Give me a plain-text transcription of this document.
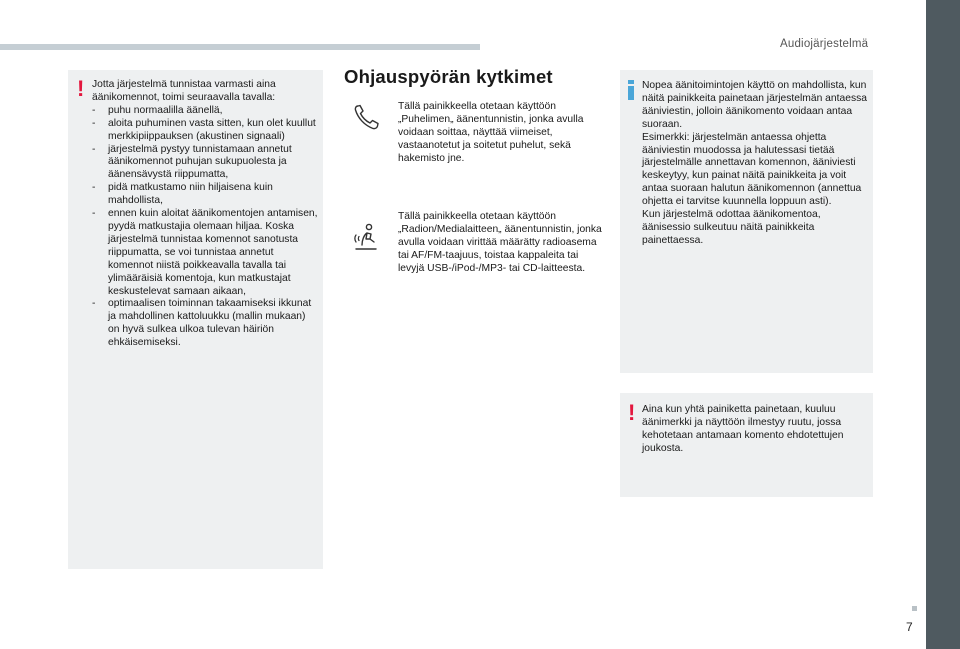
Audiojärjestelmä
! Jotta järjestelmä tunnistaa varmasti aina äänikomennot, toimi seuraavalla tavalla:

- puhu normaalilla äänellä,
- aloita puhuminen vasta sitten, kun olet kuullut merkkipiippauksen (akustinen signaali)
- järjestelmä pystyy tunnistamaan annetut äänikomennot puhujan sukupuolesta ja äänensävystä riippumatta,
- pidä matkustamo niin hiljaisena kuin mahdollista,
- ennen kuin aloitat äänikomentojen antamisen, pyydä matkustajia olemaan hiljaa. Koska järjestelmä tunnistaa komennot sanotusta riippumatta, se voi tunnistaa annetut komennot niistä poikkeavalla tavalla tai ylimääräisiä komentoja, kun matkustajat keskustelevat samaan aikaan,
- optimaalisen toiminnan takaamiseksi ikkunat ja mahdollinen kattoluukku (mallin mukaan) on hyvä sulkea ulkoa tulevan häiriön ehkäisemiseksi.
Ohjauspyörän kytkimet

Tällä painikkeella otetaan käyttöön „Puhelimen„ äänentunnistin, jonka avulla voidaan soittaa, näyttää viimeiset, vastaanotetut ja soitetut puhelut, sekä hakemisto jne.

Tällä painikkeella otetaan käyttöön „Radion/Medialaitteen„ äänentunnistin, jonka avulla voidaan virittää määrätty radioasema tai AF/FM-taajuus, toistaa kappaleita tai levyjä USB-/iPod-/MP3- tai CD-laitteesta.

Nopea äänitoimintojen käyttö on mahdollista, kun näitä painikkeita painetaan järjestelmän antaessa ääniviestin, jolloin äänikomento voidaan antaa suoraan.

Esimerkki: järjestelmän antaessa ohjetta ääniviestin muodossa ja halutessasi tietää järjestelmälle annettavan komennon, ääniviesti keskeytyy, kun painat näitä painikkeita ja voit antaa suoraan halutun äänikomennon (annettua ohjetta ei tarvitse kuunnella loppuun asti).

Kun järjestelmä odottaa äänikomentoa, äänisessio sulkeutuu näitä painikkeita painettaessa.

! Aina kun yhtä painiketta painetaan, kuuluu äänimerkki ja näyttöön ilmestyy ruutu, jossa kehotetaan antamaan komento ehdotettujen joukosta.

7
